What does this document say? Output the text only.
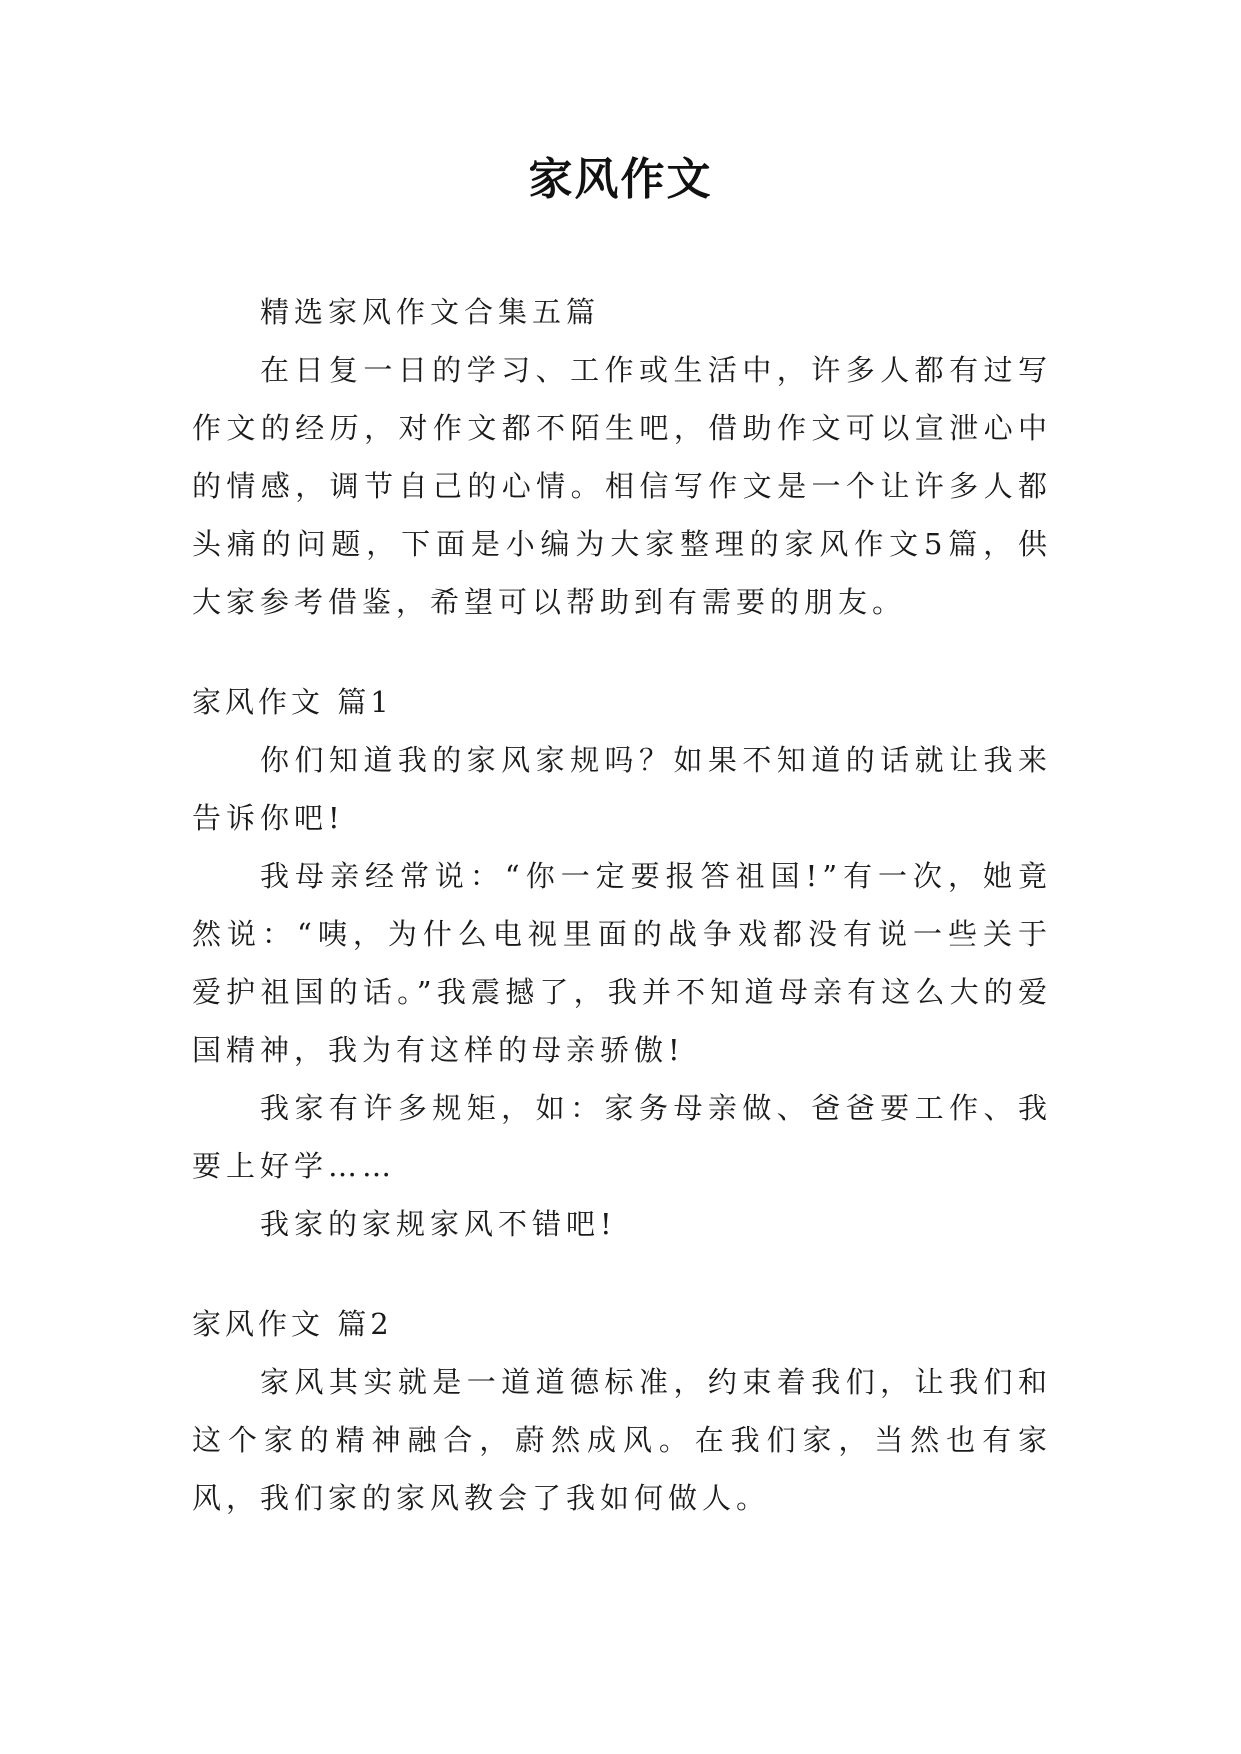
家风作文

精选家风作文合集五篇

在日复一日的学习、工作或生活中，许多人都有过写作文的经历，对作文都不陌生吧，借助作文可以宣泄心中的情感，调节自己的心情。相信写作文是一个让许多人都头痛的问题，下面是小编为大家整理的家风作文5篇，供大家参考借鉴，希望可以帮助到有需要的朋友。

家风作文 篇1

你们知道我的家风家规吗？如果不知道的话就让我来告诉你吧!

我母亲经常说：“你一定要报答祖国!”有一次，她竟然说：“咦，为什么电视里面的战争戏都没有说一些关于爱护祖国的话。”我震撼了，我并不知道母亲有这么大的爱国精神，我为有这样的母亲骄傲!

我家有许多规矩，如：家务母亲做、爸爸要工作、我要上好学……

我家的家规家风不错吧!

家风作文 篇2

家风其实就是一道道德标准，约束着我们，让我们和这个家的精神融合，蔚然成风。在我们家，当然也有家风，我们家的家风教会了我如何做人。
